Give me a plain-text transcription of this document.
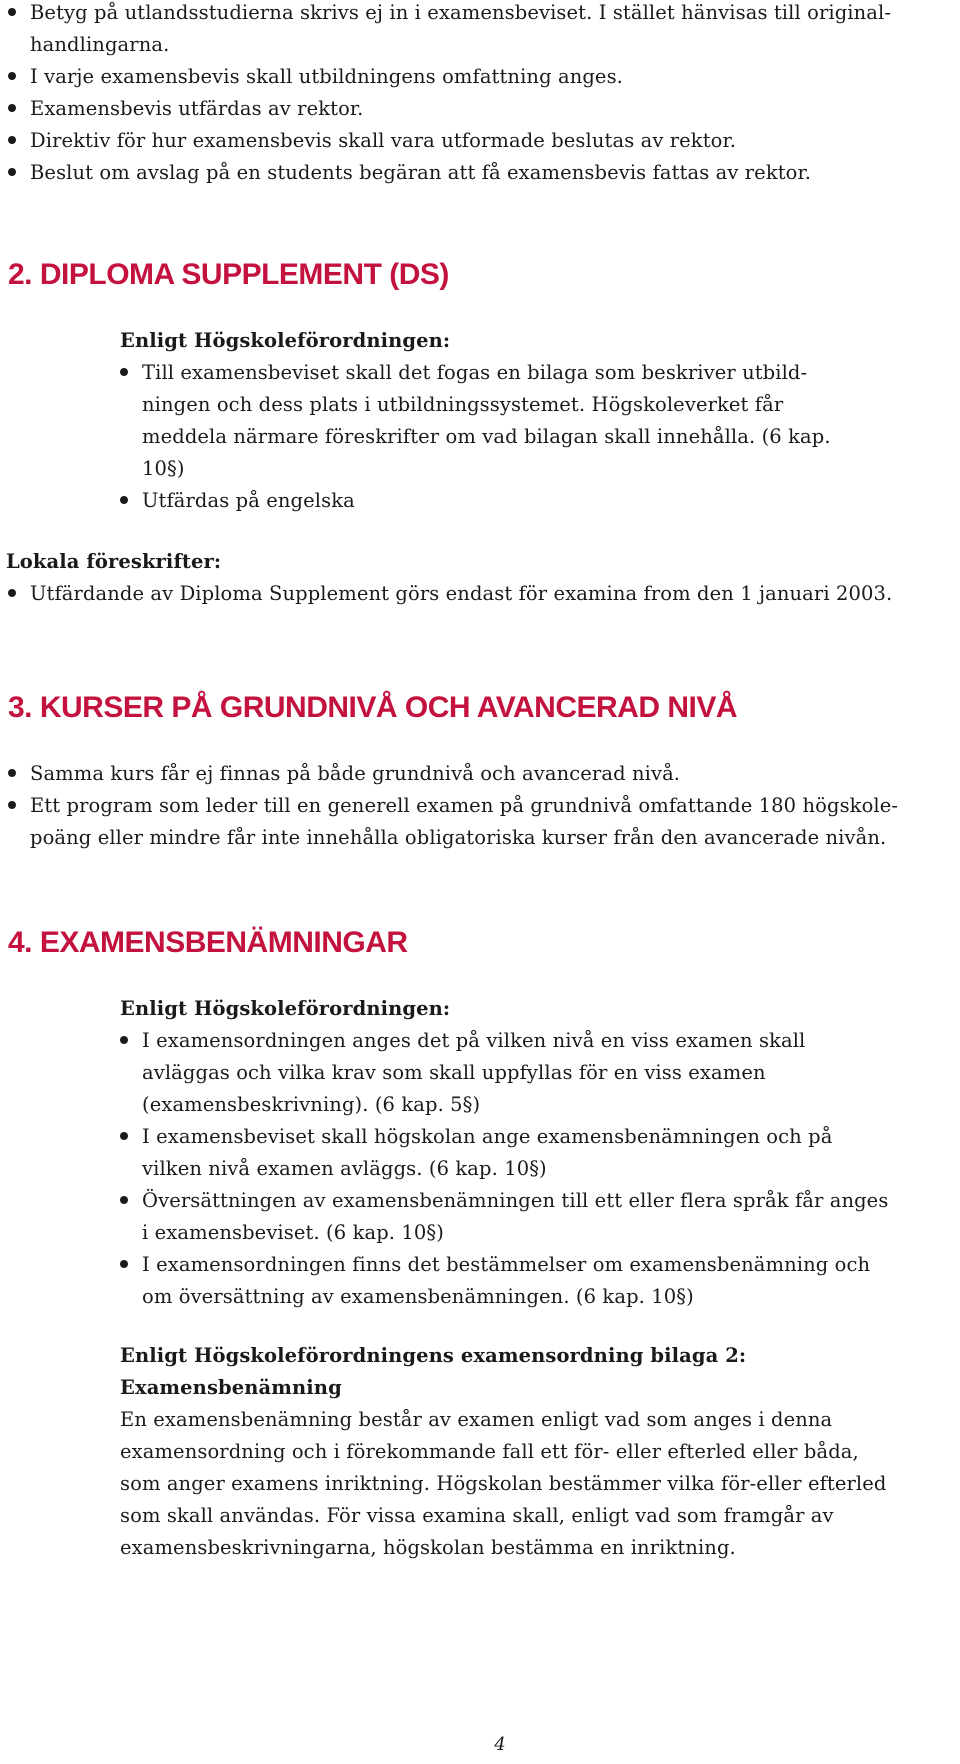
Betyg på utlandsstudierna skrivs ej in i examensbeviset. I stället hänvisas till original-handlingarna.
I varje examensbevis skall utbildningens omfattning anges.
Examensbevis utfärdas av rektor.
Direktiv för hur examensbevis skall vara utformade beslutas av rektor.
Beslut om avslag på en students begäran att få examensbevis fattas av rektor.
2. DIPLOMA SUPPLEMENT (DS)
Enligt Högskoleförordningen:
Till examensbeviset skall det fogas en bilaga som beskriver utbild-ningen och dess plats i utbildningssystemet. Högskoleverket får meddela närmare föreskrifter om vad bilagan skall innehålla. (6 kap. 10§)
Utfärdas på engelska
Lokala föreskrifter:
Utfärdande av Diploma Supplement görs endast för examina from den 1 januari 2003.
3. KURSER PÅ GRUNDNIVÅ OCH AVANCERAD NIVÅ
Samma kurs får ej finnas på både grundnivå och avancerad nivå.
Ett program som leder till en generell examen på grundnivå omfattande 180 högskole-poäng eller mindre får inte innehålla obligatoriska kurser från den avancerade nivån.
4. EXAMENSBENÄMNINGAR
Enligt Högskoleförordningen:
I examensordningen anges det på vilken nivå en viss examen skall avläggas och vilka krav som skall uppfyllas för en viss examen (examensbeskrivning). (6 kap. 5§)
I examensbeviset skall högskolan ange examensbenämningen och på vilken nivå examen avläggs. (6 kap. 10§)
Översättningen av examensbenämningen till ett eller flera språk får anges i examensbeviset. (6 kap. 10§)
I examensordningen finns det bestämmelser om examensbenämning och om översättning av examensbenämningen. (6 kap. 10§)
Enligt Högskoleförordningens examensordning bilaga 2:
Examensbenämning

En examensbenämning består av examen enligt vad som anges i denna examensordning och i förekommande fall ett för- eller efterled eller båda, som anger examens inriktning. Högskolan bestämmer vilka för-eller efterled som skall användas. För vissa examina skall, enligt vad som framgår av examensbeskrivningarna, högskolan bestämma en inriktning.

4
